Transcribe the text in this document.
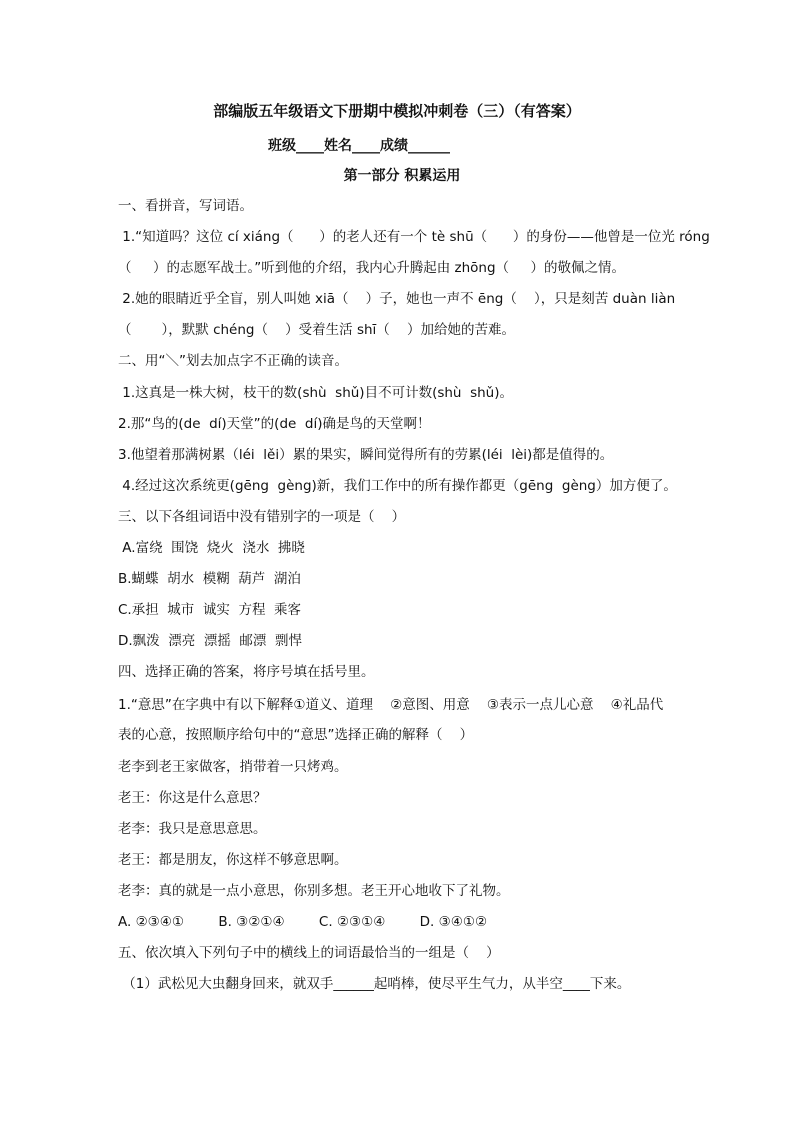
部编版五年级语文下册期中模拟冲刺卷（三）（有答案）
班级____姓名____成绩______
第一部分 积累运用
一、看拼音，写词语。
1.“知道吗？这位 cí xiáng（      ）的老人还有一个 tè shū（      ）的身份——他曾是一位光 róng
（     ）的志愿军战士。”听到他的介绍，我内心升腾起由 zhōng（     ）的敬佩之情。
2.她的眼睛近乎全盲，别人叫她 xiā（    ）子，她也一声不 ēng（    ），只是刻苦 duàn liàn
（       ），默默 chéng（    ）受着生活 shī（    ）加给她的苦难。
二、用“＼”划去加点字不正确的读音。
1.这真是一株大树，枝干的数(shù  shǔ)目不可计数(shù  shǔ)。
2.那“鸟的(de  dí)天堂”的(de  dí)确是鸟的天堂啊！
3.他望着那满树累（léi  lěi）累的果实，瞬间觉得所有的劳累(léi  lèi)都是值得的。
4.经过这次系统更(gēng  gèng)新，我们工作中的所有操作都更（gēng  gèng）加方便了。
三、以下各组词语中没有错别字的一项是（    ）
A.富绕  围饶  烧火  浇水  拂晓
B.蝴蝶  胡水  模糊  葫芦  湖泊
C.承担  城市  诚实  方程  乘客
D.飘泼  漂亮  漂摇  邮漂  剽悍
四、选择正确的答案，将序号填在括号里。
1.“意思”在字典中有以下解释①道义、道理    ②意图、用意    ③表示一点儿心意    ④礼品代
表的心意，按照顺序给句中的“意思”选择正确的解释（    ）
老李到老王家做客，捎带着一只烤鸡。
老王：你这是什么意思？
老李：我只是意思意思。
老王：都是朋友，你这样不够意思啊。
老李：真的就是一点小意思，你别多想。老王开心地收下了礼物。
A. ②③④①        B. ③②①④        C. ②③①④        D. ③④①②
五、依次填入下列句子中的横线上的词语最恰当的一组是（    ）
（1）武松见大虫翻身回来，就双手______起哨棒，使尽平生气力，从半空____下来。
